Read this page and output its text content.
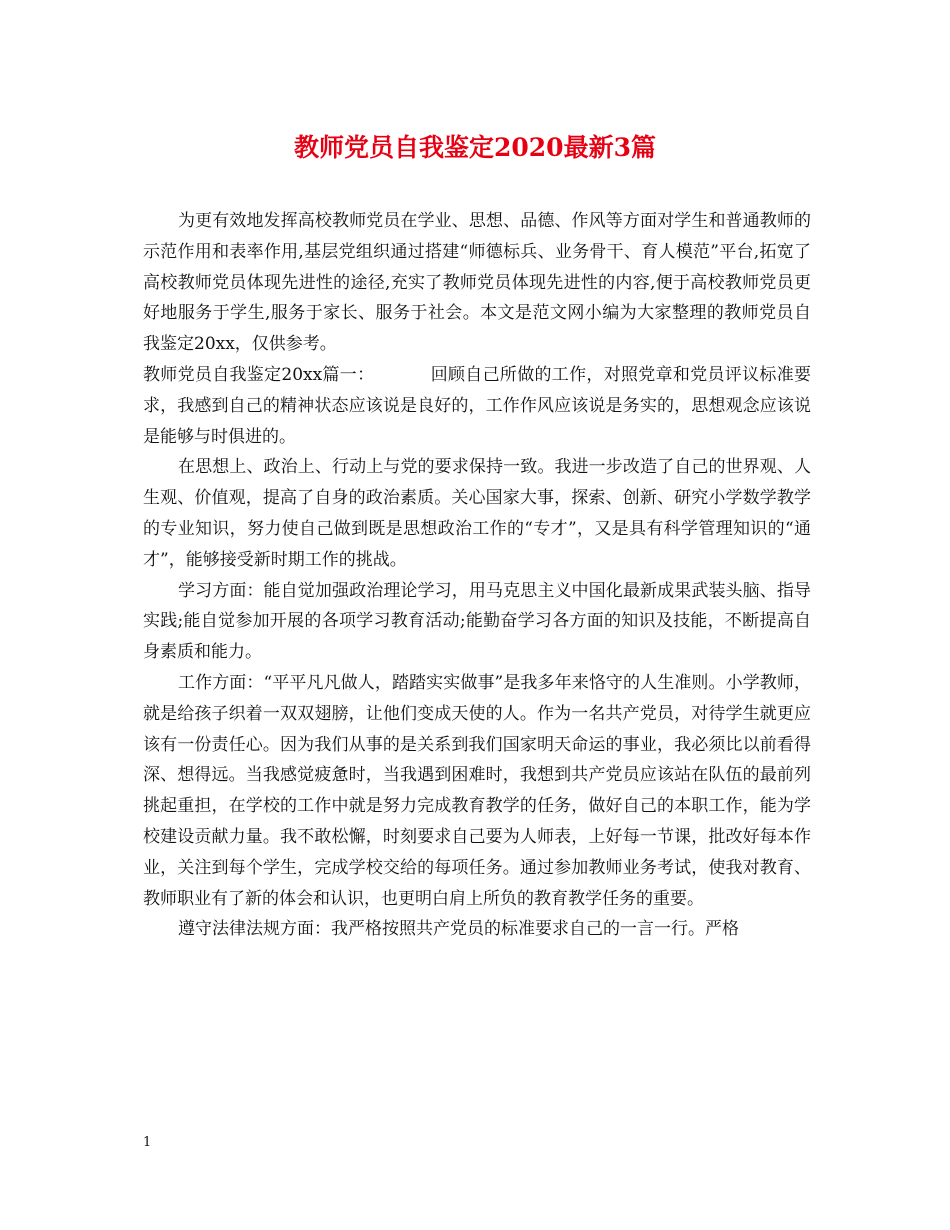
教师党员自我鉴定2020最新3篇

为更有效地发挥高校教师党员在学业、思想、品德、作风等方面对学生和普通教师的示范作用和表率作用,基层党组织通过搭建“师德标兵、业务骨干、育人模范”平台,拓宽了高校教师党员体现先进性的途径,充实了教师党员体现先进性的内容,便于高校教师党员更好地服务于学生,服务于家长、服务于社会。本文是范文网小编为大家整理的教师党员自我鉴定20xx，仅供参考。

教师党员自我鉴定20xx篇一：	回顾自己所做的工作，对照党章和党员评议标准要求，我感到自己的精神状态应该说是良好的，工作作风应该说是务实的，思想观念应该说是能够与时俱进的。

在思想上、政治上、行动上与党的要求保持一致。我进一步改造了自己的世界观、人生观、价值观，提高了自身的政治素质。关心国家大事，探索、创新、研究小学数学教学的专业知识，努力使自己做到既是思想政治工作的“专才”，又是具有科学管理知识的“通才”，能够接受新时期工作的挑战。

学习方面：能自觉加强政治理论学习，用马克思主义中国化最新成果武装头脑、指导实践;能自觉参加开展的各项学习教育活动;能勤奋学习各方面的知识及技能，不断提高自身素质和能力。

工作方面：“平平凡凡做人，踏踏实实做事”是我多年来恪守的人生准则。小学教师，就是给孩子织着一双双翅膀，让他们变成天使的人。作为一名共产党员，对待学生就更应该有一份责任心。因为我们从事的是关系到我们国家明天命运的事业，我必须比以前看得深、想得远。当我感觉疲惫时，当我遇到困难时，我想到共产党员应该站在队伍的最前列挑起重担，在学校的工作中就是努力完成教育教学的任务，做好自己的本职工作，能为学校建设贡献力量。我不敢松懈，时刻要求自己要为人师表，上好每一节课，批改好每本作业，关注到每个学生，完成学校交给的每项任务。通过参加教师业务考试，使我对教育、教师职业有了新的体会和认识，也更明白肩上所负的教育教学任务的重要。

遵守法律法规方面：我严格按照共产党员的标准要求自己的一言一行。严格

1
